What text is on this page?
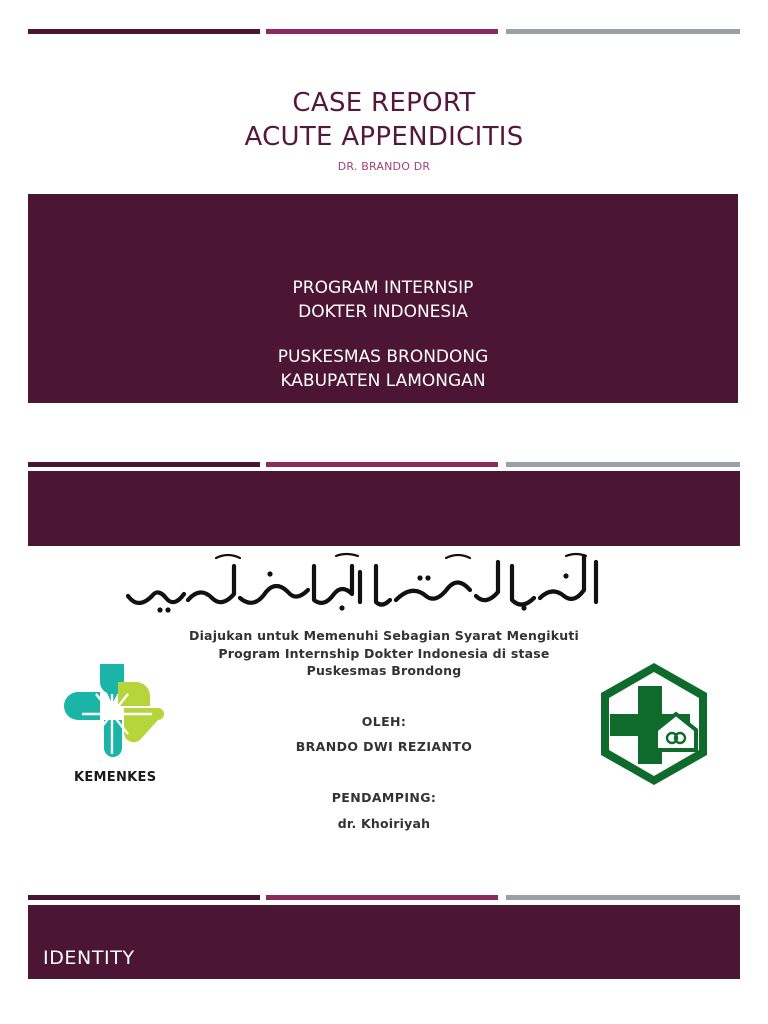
CASE REPORT
ACUTE APPENDICITIS
DR. BRANDO DR
PROGRAM INTERNSIP
DOKTER INDONESIA
PUSKESMAS BRONDONG
KABUPATEN LAMONGAN
Diajukan untuk Memenuhi Sebagian Syarat Mengikuti Program Internship Dokter Indonesia di stase Puskesmas Brondong
OLEH:
BRANDO DWI REZIANTO
PENDAMPING:
dr. Khoiriyah
KEMENKES
IDENTITY
